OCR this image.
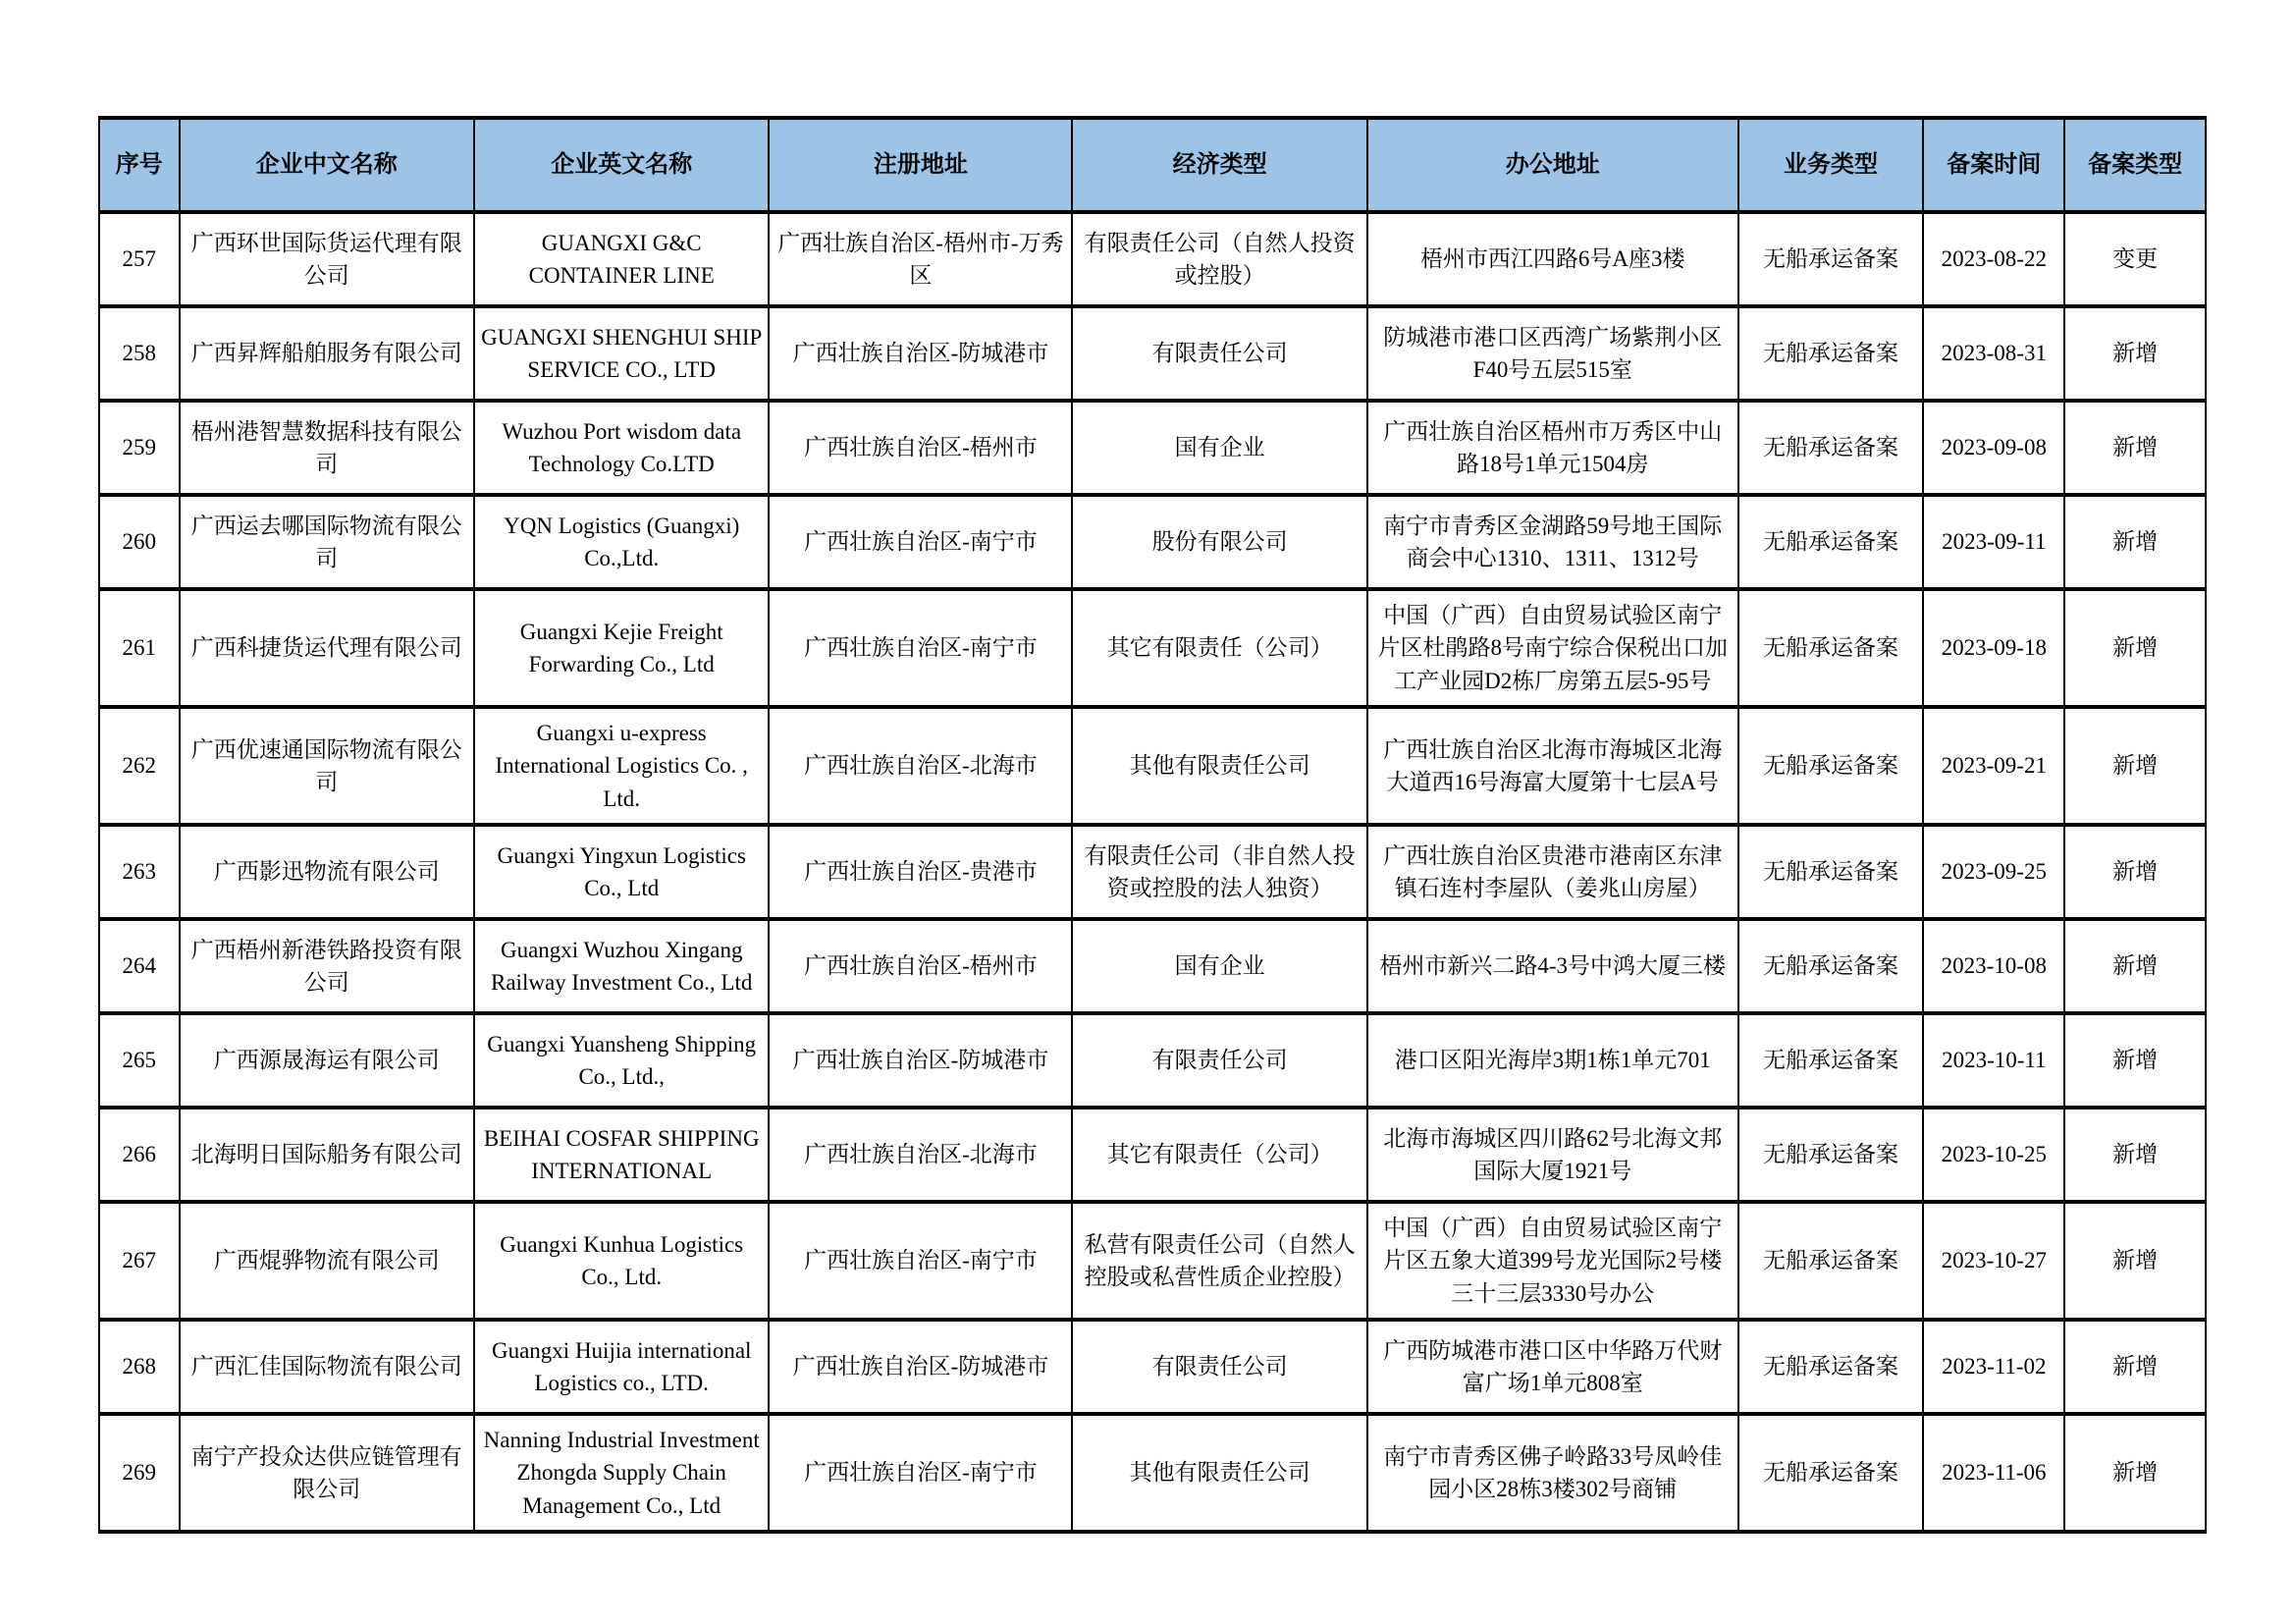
序号	企业中文名称	企业英文名称	注册地址	经济类型	办公地址	业务类型	备案时间	备案类型
257	广西环世国际货运代理有限公司	GUANGXI G&C CONTAINER LINE	广西壮族自治区-梧州市-万秀区	有限责任公司（自然人投资或控股）	梧州市西江四路6号A座3楼	无船承运备案	2023-08-22	变更
258	广西昇辉船舶服务有限公司	GUANGXI SHENGHUI SHIP SERVICE CO., LTD	广西壮族自治区-防城港市	有限责任公司	防城港市港口区西湾广场紫荆小区F40号五层515室	无船承运备案	2023-08-31	新增
259	梧州港智慧数据科技有限公司	Wuzhou Port wisdom data Technology Co.LTD	广西壮族自治区-梧州市	国有企业	广西壮族自治区梧州市万秀区中山路18号1单元1504房	无船承运备案	2023-09-08	新增
260	广西运去哪国际物流有限公司	YQN Logistics (Guangxi) Co.,Ltd.	广西壮族自治区-南宁市	股份有限公司	南宁市青秀区金湖路59号地王国际商会中心1310、1311、1312号	无船承运备案	2023-09-11	新增
261	广西科捷货运代理有限公司	Guangxi Kejie Freight Forwarding Co., Ltd	广西壮族自治区-南宁市	其它有限责任（公司）	中国（广西）自由贸易试验区南宁片区杜鹃路8号南宁综合保税出口加工产业园D2栋厂房第五层5-95号	无船承运备案	2023-09-18	新增
262	广西优速通国际物流有限公司	Guangxi u-express International Logistics Co. , Ltd.	广西壮族自治区-北海市	其他有限责任公司	广西壮族自治区北海市海城区北海大道西16号海富大厦第十七层A号	无船承运备案	2023-09-21	新增
263	广西影迅物流有限公司	Guangxi Yingxun Logistics Co., Ltd	广西壮族自治区-贵港市	有限责任公司（非自然人投资或控股的法人独资）	广西壮族自治区贵港市港南区东津镇石连村李屋队（姜兆山房屋）	无船承运备案	2023-09-25	新增
264	广西梧州新港铁路投资有限公司	Guangxi Wuzhou Xingang Railway Investment Co., Ltd	广西壮族自治区-梧州市	国有企业	梧州市新兴二路4-3号中鸿大厦三楼	无船承运备案	2023-10-08	新增
265	广西源晟海运有限公司	Guangxi Yuansheng Shipping Co., Ltd.,	广西壮族自治区-防城港市	有限责任公司	港口区阳光海岸3期1栋1单元701	无船承运备案	2023-10-11	新增
266	北海明日国际船务有限公司	BEIHAI COSFAR SHIPPING INTERNATIONAL	广西壮族自治区-北海市	其它有限责任（公司）	北海市海城区四川路62号北海文邦国际大厦1921号	无船承运备案	2023-10-25	新增
267	广西焜骅物流有限公司	Guangxi Kunhua Logistics Co., Ltd.	广西壮族自治区-南宁市	私营有限责任公司（自然人控股或私营性质企业控股）	中国（广西）自由贸易试验区南宁片区五象大道399号龙光国际2号楼三十三层3330号办公	无船承运备案	2023-10-27	新增
268	广西汇佳国际物流有限公司	Guangxi Huijia international Logistics co., LTD.	广西壮族自治区-防城港市	有限责任公司	广西防城港市港口区中华路万代财富广场1单元808室	无船承运备案	2023-11-02	新增
269	南宁产投众达供应链管理有限公司	Nanning Industrial Investment Zhongda Supply Chain Management Co., Ltd	广西壮族自治区-南宁市	其他有限责任公司	南宁市青秀区佛子岭路33号凤岭佳园小区28栋3楼302号商铺	无船承运备案	2023-11-06	新增
